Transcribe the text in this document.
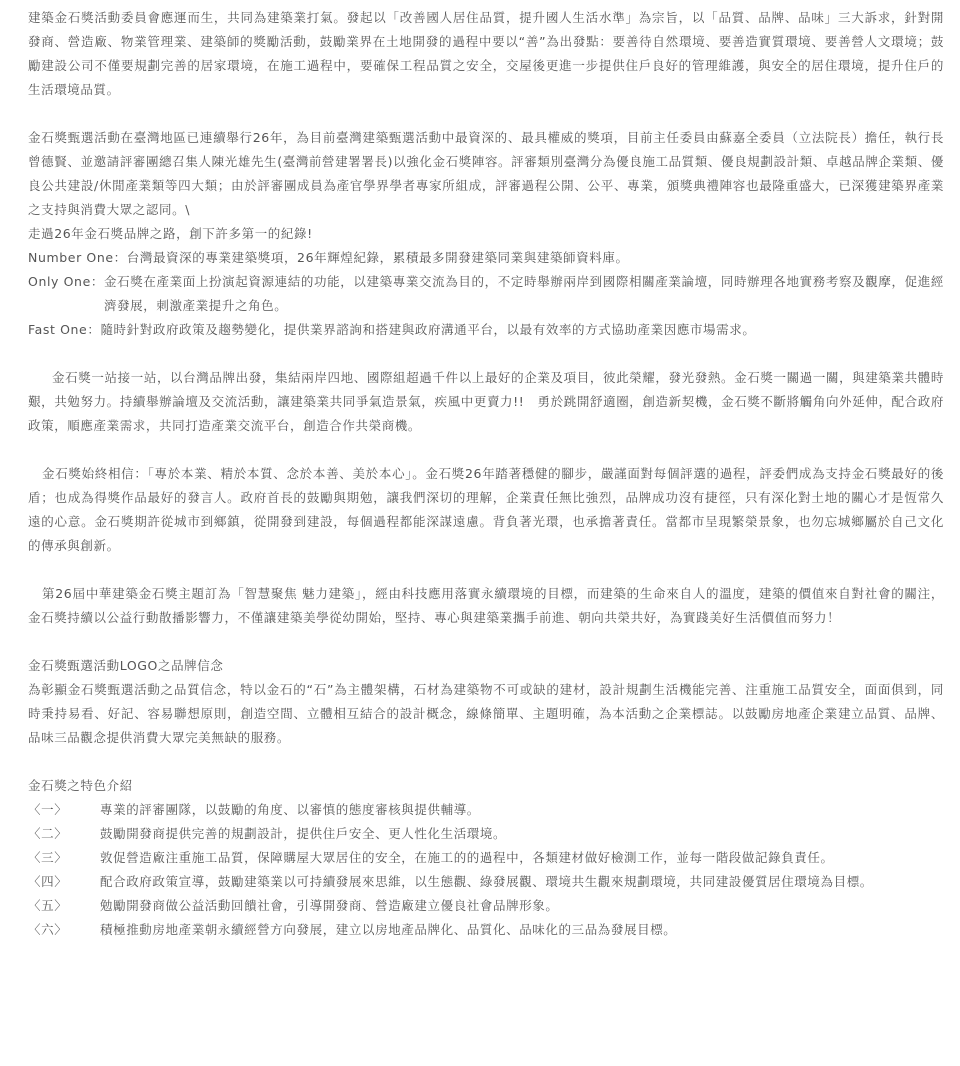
建築金石獎活動委員會應運而生，共同為建築業打氣。發起以「改善國人居住品質，提升國人生活水準」為宗旨，以「品質、品牌、品味」三大訴求，針對開發商、營造廠、物業管理業、建築師的獎勵活動，鼓勵業界在土地開發的過程中要以“善”為出發點：要善待自然環境、要善造實質環境、要善營人文環境；鼓勵建設公司不僅要規劃完善的居家環境，在施工過程中，要確保工程品質之安全，交屋後更進一步提供住戶良好的管理維護，與安全的居住環境，提升住戶的生活環境品質。

金石獎甄選活動在臺灣地區已連續舉行26年，為目前臺灣建築甄選活動中最資深的、最具權威的獎項，目前主任委員由蘇嘉全委員（立法院長）擔任，執行長曾德賢、並邀請評審團總召集人陳光雄先生(臺灣前營建署署長)以強化金石獎陣容。評審類別臺灣分為優良施工品質類、優良規劃設計類、卓越品牌企業類、優良公共建設/休閒產業類等四大類；由於評審團成員為產官學界學者專家所組成，評審過程公開、公平、專業，頒獎典禮陣容也最隆重盛大，已深獲建築界產業之支持與消費大眾之認同。\

走過26年金石獎品牌之路，創下許多第一的紀錄!

Number One： 台灣最資深的專業建築獎項，26年輝煌紀錄，累積最多開發建築同業與建築師資料庫。
Only One： 金石獎在產業面上扮演起資源連結的功能，以建築專業交流為目的，不定時舉辦兩岸到國際相關產業論壇，同時辦理各地實務考察及觀摩，促進經濟發展，刺激產業提升之角色。
Fast One： 隨時針對政府政策及趨勢變化，提供業界諮詢和搭建與政府溝通平台，以最有效率的方式協助產業因應市場需求。

金石獎一站接一站，以台灣品牌出發，集結兩岸四地、國際組超過千件以上最好的企業及項目，彼此榮耀，發光發熱。金石獎一關過一關，與建築業共體時艱，共勉努力。持續舉辦論壇及交流活動，讓建築業共同爭氣造景氣，疾風中更賣力!!　勇於跳開舒適圈，創造新契機，金石獎不斷將觸角向外延伸，配合政府政策，順應產業需求，共同打造產業交流平台，創造合作共榮商機。

金石獎始終相信：「專於本業、精於本質、念於本善、美於本心」。金石獎26年踏著穩健的腳步，嚴謹面對每個評選的過程，評委們成為支持金石獎最好的後盾；也成為得獎作品最好的發言人。政府首長的鼓勵與期勉，讓我們深切的理解，企業責任無比強烈，品牌成功沒有捷徑，只有深化對土地的關心才是恆常久遠的心意。金石獎期許從城市到鄉鎮，從開發到建設，每個過程都能深謀遠慮。背負著光環，也承擔著責任。當都市呈現繁榮景象，也勿忘城鄉屬於自己文化的傳承與創新。

第26屆中華建築金石獎主題訂為「智慧聚焦 魅力建築」，經由科技應用落實永續環境的目標，而建築的生命來自人的溫度，建築的價值來自對社會的關注，金石獎持續以公益行動散播影響力，不僅讓建築美學從幼開始，堅持、專心與建築業攜手前進、朝向共榮共好，為實踐美好生活價值而努力！

金石獎甄選活動LOGO之品牌信念

為彰顯金石獎甄選活動之品質信念，特以金石的“石”為主體架構，石材為建築物不可或缺的建材，設計規劃生活機能完善、注重施工品質安全，面面俱到，同時秉持易看、好記、容易聯想原則，創造空間、立體相互結合的設計概念，線條簡單、主題明確，為本活動之企業標誌。以鼓勵房地產企業建立品質、品牌、品味三品觀念提供消費大眾完美無缺的服務。

金石獎之特色介紹

〈一〉	專業的評審團隊，以鼓勵的角度、以審慎的態度審核與提供輔導。
〈二〉	鼓勵開發商提供完善的規劃設計，提供住戶安全、更人性化生活環境。
〈三〉	敦促營造廠注重施工品質，保障購屋大眾居住的安全，在施工的的過程中，各類建材做好檢測工作，並每一階段做記錄負責任。
〈四〉	配合政府政策宣導，鼓勵建築業以可持續發展來思維，以生態觀、綠發展觀、環境共生觀來規劃環境，共同建設優質居住環境為目標。
〈五〉	勉勵開發商做公益活動回饋社會，引導開發商、營造廠建立優良社會品牌形象。
〈六〉	積極推動房地產業朝永續經營方向發展，建立以房地產品牌化、品質化、品味化的三品為發展目標。
